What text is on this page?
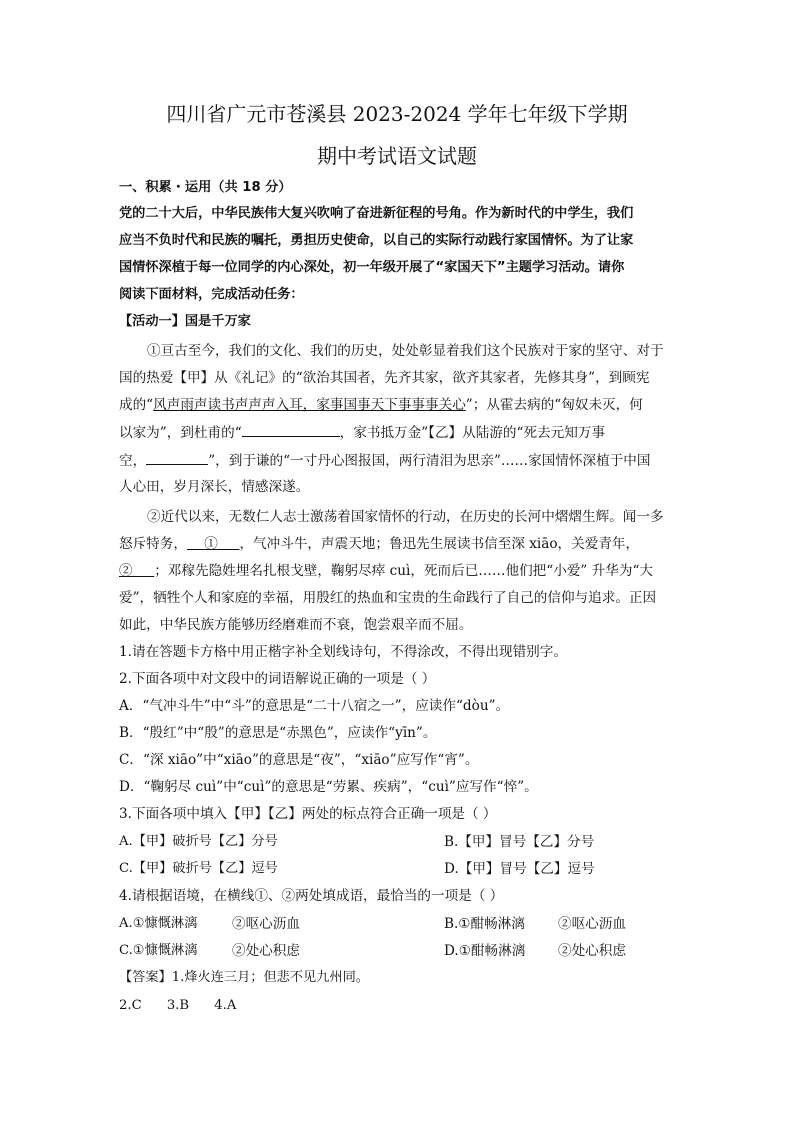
四川省广元市苍溪县 2023-2024 学年七年级下学期
期中考试语文试题
一、积累・运用（共 18 分）
党的二十大后，中华民族伟大复兴吹响了奋进新征程的号角。作为新时代的中学生，我们
应当不负时代和民族的嘱托，勇担历史使命，以自己的实际行动践行家国情怀。为了让家
国情怀深植于每一位同学的内心深处，初一年级开展了“家国天下”主题学习活动。请你
阅读下面材料，完成活动任务：
【活动一】国是千万家
①亘古至今，我们的文化、我们的历史，处处彰显着我们这个民族对于家的坚守、对于
国的热爱【甲】从《礼记》的“欲治其国者，先齐其家，欲齐其家者，先修其身”，到顾宪
成的“风声雨声读书声声声入耳，家事国事天下事事事关心”；从霍去病的“匈奴未灭，何
以家为”，到杜甫的“	，家书抵万金”【乙】从陆游的“死去元知万事
空，	”，到于谦的“一寸丹心图报国，两行清泪为思亲”……家国情怀深植于中国
人心田，岁月深长，情感深遂。
②近代以来，无数仁人志士激荡着国家情怀的行动，在历史的长河中熠熠生辉。闻一多
怒斥特务， ① ，气冲斗牛，声震天地；鲁迅先生展读书信至深 xiāo，关爱青年，
② ；邓稼先隐姓埋名扎根戈壁，鞠躬尽瘁 cuì，死而后已……他们把“小爱” 升华为“大
爱”，牺牲个人和家庭的幸福，用殷红的热血和宝贵的生命践行了自己的信仰与追求。正因
如此，中华民族方能够历经磨难而不衰，饱尝艰辛而不屈。
1.请在答题卡方格中用正楷字补全划线诗句，不得涂改，不得出现错别字。
2.下面各项中对文段中的词语解说正确的一项是（ ）
A．“气冲斗牛”中“斗”的意思是“二十八宿之一”，应读作“dòu”。
B．“殷红”中“殷”的意思是“赤黑色”，应读作“yīn”。
C．“深 xiāo”中“xiāo”的意思是“夜”，“xiāo”应写作“宵”。
D．“鞠躬尽 cuì”中“cuì”的意思是“劳累、疾病”，“cuì”应写作“悴”。
3.下面各项中填入【甲】【乙】两处的标点符合正确一项是（ ）
A.【甲】破折号【乙】分号	B.【甲】冒号【乙】分号
C.【甲】破折号【乙】逗号	D.【甲】冒号【乙】逗号
4.请根据语境，在横线①、②两处填成语，最恰当的一项是（ ）
A.①慷慨淋漓	②呕心沥血	B.①酣畅淋漓 ②呕心沥血
C.①慷慨淋漓	②处心积虑	D.①酣畅淋漓 ②处心积虑
【答案】1.烽火连三月；但悲不见九州同。
2.C      3.B      4.A
